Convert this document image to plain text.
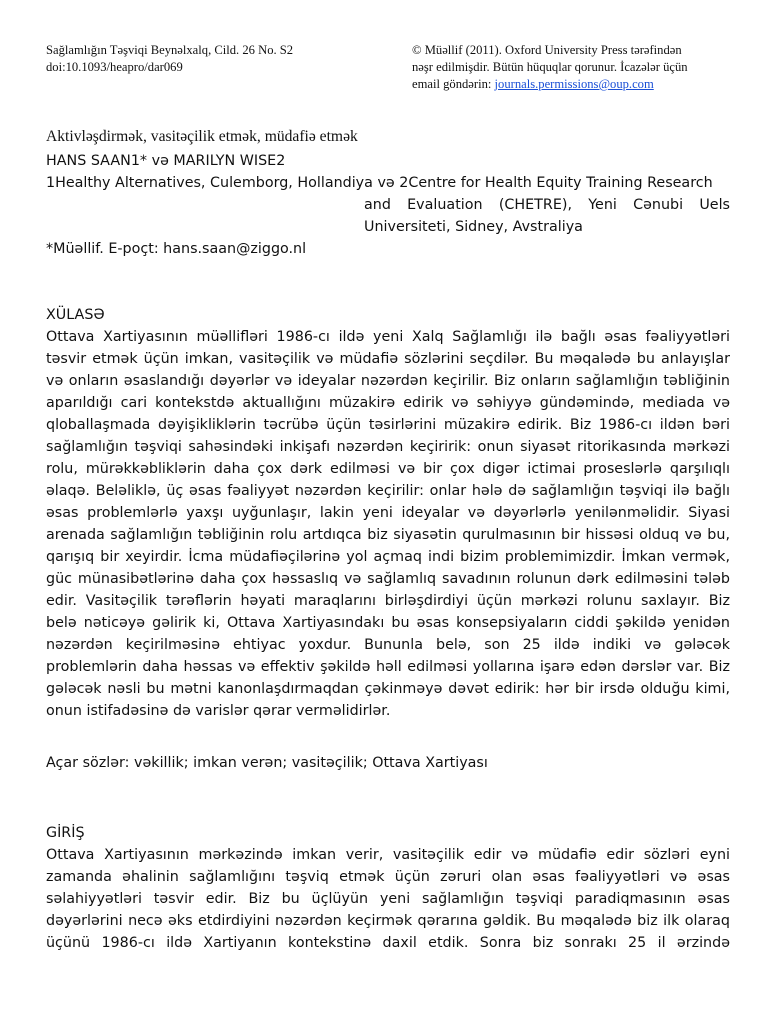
Sağlamlığın Təşviqi Beynəlxalq, Cild. 26 No. S2
doi:10.1093/heapro/dar069
© Müəllif (2011). Oxford University Press tərəfindən
nəşr edilmişdir. Bütün hüquqlar qorunur. İcazələr üçün
email göndərin: journals.permissions@oup.com
Aktivləşdirmək, vasitəçilik etmək, müdafiə etmək
HANS SAAN1* və MARILYN WISE2
1Healthy Alternatives, Culemborg, Hollandiya və 2Centre for Health Equity Training Research
and Evaluation (CHETRE), Yeni Cənubi Uels
Universiteti, Sidney, Avstraliya
*Müəllif. E-poçt: hans.saan@ziggo.nl
XÜLASƏ
Ottava Xartiyasının müəllifləri 1986-cı ildə yeni Xalq Sağlamlığı ilə bağlı əsas fəaliyyətləri
təsvir etmək üçün imkan, vasitəçilik və müdafiə sözlərini seçdilər. Bu məqalədə bu anlayışlar
və onların əsaslandığı dəyərlər və ideyalar nəzərdən keçirilir. Biz onların sağlamlığın təbliğinin
aparıldığı cari kontekstdə aktuallığını müzakirə edirik və səhiyyə gündəmində, mediada və
qloballaşmada dəyişikliklərin təcrübə üçün təsirlərini müzakirə edirik. Biz 1986-cı ildən bəri
sağlamlığın təşviqi sahəsindəki inkişafı nəzərdən keçiririk: onun siyasət ritorikasında mərkəzi
rolu, mürəkkəbliklərin daha çox dərk edilməsi və bir çox digər ictimai proseslərlə qarşılıqlı
əlaqə. Beləliklə, üç əsas fəaliyyət nəzərdən keçirilir: onlar hələ də sağlamlığın təşviqi ilə bağlı
əsas problemlərlə yaxşı uyğunlaşır, lakin yeni ideyalar və dəyərlərlə yenilənməlidir. Siyasi
arenada sağlamlığın təbliğinin rolu artdıqca biz siyasətin qurulmasının bir hissəsi olduq və bu,
qarışıq bir xeyirdir. İcma müdafiəçilərinə yol açmaq indi bizim problemimizdir. İmkan vermək,
güc münasibətlərinə daha çox həssaslıq və sağlamlıq savadının rolunun dərk edilməsini tələb
edir. Vasitəçilik tərəflərin həyati maraqlarını birləşdirdiyi üçün mərkəzi rolunu saxlayır. Biz
belə nəticəyə gəlirik ki, Ottava Xartiyasındakı bu əsas konsepsiyaların ciddi şəkildə yenidən
nəzərdən keçirilməsinə ehtiyac yoxdur. Bununla belə, son 25 ildə indiki və gələcək
problemlərin daha həssas və effektiv şəkildə həll edilməsi yollarına işarə edən dərslər var. Biz
gələcək nəsli bu mətni kanonlaşdırmaqdan çəkinməyə dəvət edirik: hər bir irsdə olduğu kimi,
onun istifadəsinə də varislər qərar verməlidirlər.
Açar sözlər: vəkillik; imkan verən; vasitəçilik; Ottava Xartiyası
GİRİŞ
Ottava Xartiyasının mərkəzində imkan verir, vasitəçilik edir və müdafiə edir sözləri eyni
zamanda əhalinin sağlamlığını təşviq etmək üçün zəruri olan əsas fəaliyyətləri və əsas
səlahiyyətləri təsvir edir. Biz bu üçlüyün yeni sağlamlığın təşviqi paradiqmasının əsas
dəyərlərini necə əks etdirdiyini nəzərdən keçirmək qərarına gəldik. Bu məqalədə biz ilk olaraq
üçünü 1986-cı ildə Xartiyanın kontekstinə daxil etdik. Sonra biz sonrakı 25 il ərzində
